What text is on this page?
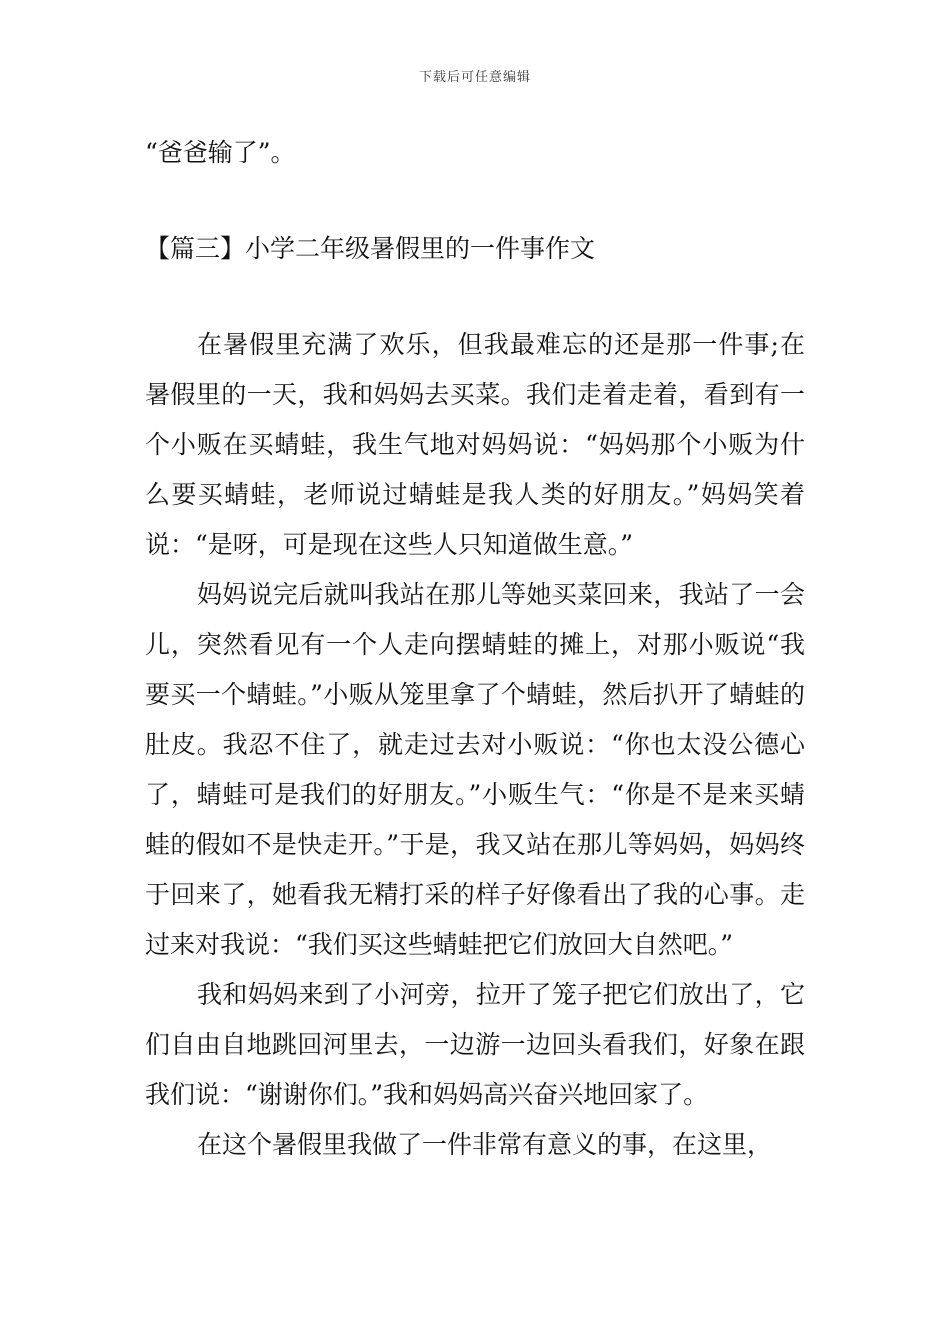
下载后可任意编辑
“爸爸输了”。
【篇三】小学二年级暑假里的一件事作文

在暑假里充满了欢乐，但我最难忘的还是那一件事;在暑假里的一天，我和妈妈去买菜。我们走着走着，看到有一个小贩在买蜻蛙，我生气地对妈妈说：“妈妈那个小贩为什么要买蜻蛙，老师说过蜻蛙是我人类的好朋友。”妈妈笑着说：“是呀，可是现在这些人只知道做生意。”

妈妈说完后就叫我站在那儿等她买菜回来，我站了一会儿，突然看见有一个人走向摆蜻蛙的摊上，对那小贩说“我要买一个蜻蛙。”小贩从笼里拿了个蜻蛙，然后扒开了蜻蛙的肚皮。我忍不住了，就走过去对小贩说：“你也太没公德心了，蜻蛙可是我们的好朋友。”小贩生气：“你是不是来买蜻蛙的假如不是快走开。”于是，我又站在那儿等妈妈，妈妈终于回来了，她看我无精打采的样子好像看出了我的心事。走过来对我说：“我们买这些蜻蛙把它们放回大自然吧。”

我和妈妈来到了小河旁，拉开了笼子把它们放出了，它们自由自地跳回河里去，一边游一边回头看我们，好象在跟我们说：“谢谢你们。”我和妈妈高兴奋兴地回家了。

在这个暑假里我做了一件非常有意义的事，在这里，
